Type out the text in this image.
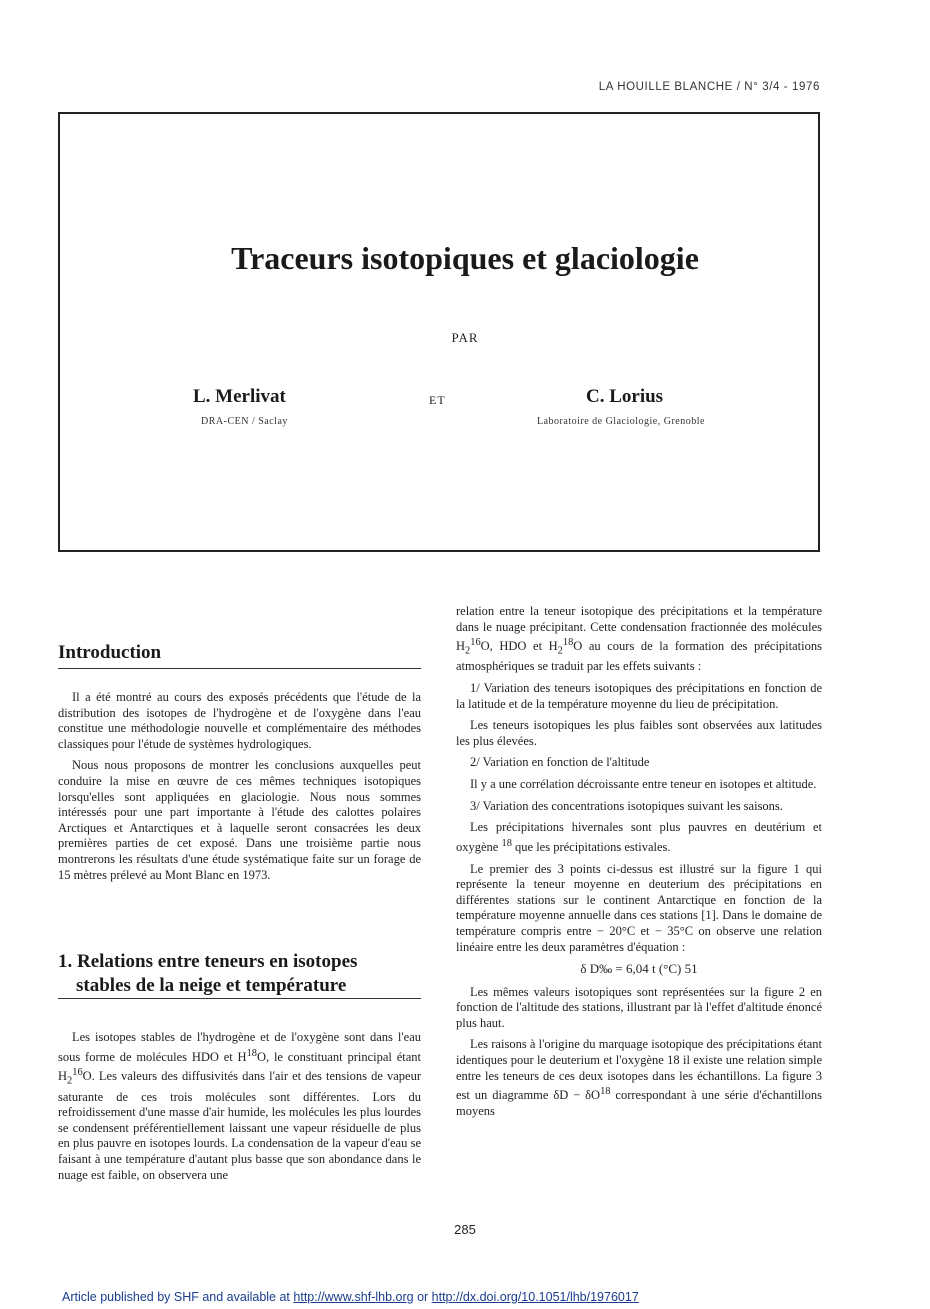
LA HOUILLE BLANCHE / N° 3/4 - 1976
Traceurs isotopiques et glaciologie
PAR
L. Merlivat
DRA-CEN / Saclay
ET	C. Lorius
Laboratoire de Glaciologie, Grenoble
Introduction

Il a été montré au cours des exposés précédents que l'étude de la distribution des isotopes de l'hydrogène et de l'oxygène dans l'eau constitue une méthodologie nouvelle et complémentaire des méthodes classiques pour l'étude de systèmes hydrologiques.

Nous nous proposons de montrer les conclusions auxquelles peut conduire la mise en œuvre de ces mêmes techniques isotopiques lorsqu'elles sont appliquées en glaciologie. Nous nous sommes intéressés pour une part importante à l'étude des calottes polaires Arctiques et Antarctiques et à laquelle seront consacrées les deux premières parties de cet exposé. Dans une troisième partie nous montrerons les résultats d'une étude systématique faite sur un forage de 15 mètres prélevé au Mont Blanc en 1973.

1. Relations entre teneurs en isotopes
stables de la neige et température

Les isotopes stables de l'hydrogène et de l'oxygène sont dans l'eau sous forme de molécules HDO et $H^{18}O$, le constituant principal étant $H_2^{16}O$. Les valeurs des diffusivités dans l'air et des tensions de vapeur saturante de ces trois molécules sont différentes. Lors du refroidissement d'une masse d'air humide, les molécules les plus lourdes se condensent préférentiellement laissant une vapeur résiduelle de plus en plus pauvre en isotopes lourds. La condensation de la vapeur d'eau se faisant à une température d'autant plus basse que son abondance dans le nuage est faible, on observera une

relation entre la teneur isotopique des précipitations et la température dans le nuage précipitant. Cette condensation fractionnée des molécules $H_2^{16}O$, HDO et $H_2^{18}O$ au cours de la formation des précipitations atmosphériques se traduit par les effets suivants :

1/ Variation des teneurs isotopiques des précipitations en fonction de la latitude et de la température moyenne du lieu de précipitation.

Les teneurs isotopiques les plus faibles sont observées aux latitudes les plus élevées.

2/ Variation en fonction de l'altitude

Il y a une corrélation décroissante entre teneur en isotopes et altitude.

3/ Variation des concentrations isotopiques suivant les saisons.

Les précipitations hivernales sont plus pauvres en deutérium et oxygène $^{18}$ que les précipitations estivales.

Le premier des 3 points ci-dessus est illustré sur la figure 1 qui représente la teneur moyenne en deuterium des précipitations en différentes stations sur le continent Antarctique en fonction de la température moyenne annuelle dans ces stations [1]. Dans le domaine de température compris entre − 20°C et − 35°C on observe une relation linéaire entre les deux paramètres d'équation :

δ D‰ = 6,04 t (°C) 51

Les mêmes valeurs isotopiques sont représentées sur la figure 2 en fonction de l'altitude des stations, illustrant par là l'effet d'altitude énoncé plus haut.

Les raisons à l'origine du marquage isotopique des précipitations étant identiques pour le deuterium et l'oxygène 18 il existe une relation simple entre les teneurs de ces deux isotopes dans les échantillons. La figure 3 est un diagramme $\delta D - \delta O^{18}$ correspondant à une série d'échantillons moyens

285
Article published by SHF and available at http://www.shf-lhb.org or http://dx.doi.org/10.1051/lhb/1976017
